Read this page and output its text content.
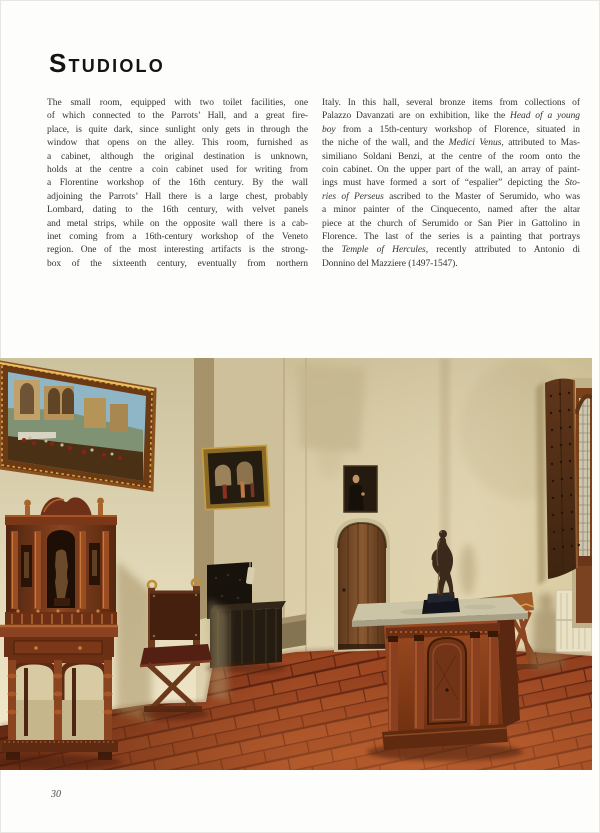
Studiolo
The small room, equipped with two toilet facilities, one
of which connected to the Parrots’ Hall, and a great fire-
place, is quite dark, since sunlight only gets in through the
window that opens on the alley. This room, furnished as
a cabinet, although the original destination is unknown,
holds at the centre a coin cabinet used for writing from
a Florentine workshop of the 16th century. By the wall
adjoining the Parrots’ Hall there is a large chest, probably
Lombard, dating to the 16th century, with velvet panels
and metal strips, while on the opposite wall there is a cab-
inet coming from a 16th-century workshop of the Veneto
region. One of the most interesting artifacts is the strong-
box of the sixteenth century, eventually from northern
Italy. In this hall, several bronze items from collections of
Palazzo Davanzati are on exhibition, like the Head of a young
boy from a 15th-century workshop of Florence, situated in
the niche of the wall, and the Medici Venus, attributed to Mas-
similiano Soldani Benzi, at the centre of the room onto the
coin cabinet. On the upper part of the wall, an array of paint-
ings must have formed a sort of “espalier” depicting the Sto-
ries of Perseus ascribed to the Master of Serumido, who was
a minor painter of the Cinquecento, named after the altar
piece at the church of Serumido or San Pier in Gattolino in
Florence. The last of the series is a painting that portrays
the Temple of Hercules, recently attributed to Antonio di
Donnino del Mazziere (1497-1547).
30
